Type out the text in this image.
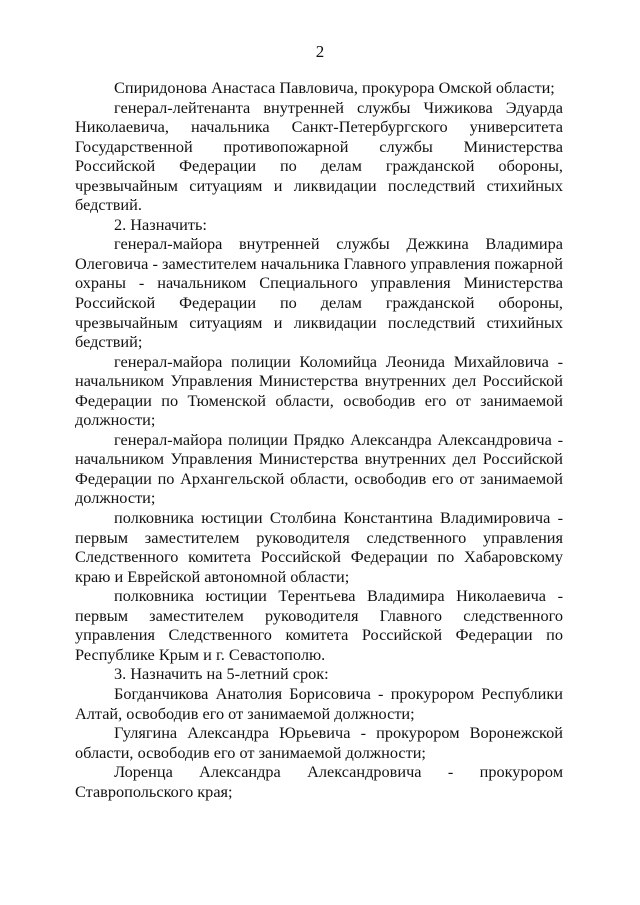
2

Спиридонова Анастаса Павловича, прокурора Омской области;

генерал-лейтенанта внутренней службы Чижикова Эдуарда Николаевича, начальника Санкт-Петербургского университета Государственной противопожарной службы Министерства Российской Федерации по делам гражданской обороны, чрезвычайным ситуациям и ликвидации последствий стихийных бедствий.

2. Назначить:

генерал-майора внутренней службы Дежкина Владимира Олеговича - заместителем начальника Главного управления пожарной охраны - начальником Специального управления Министерства Российской Федерации по делам гражданской обороны, чрезвычайным ситуациям и ликвидации последствий стихийных бедствий;

генерал-майора полиции Коломийца Леонида Михайловича - начальником Управления Министерства внутренних дел Российской Федерации по Тюменской области, освободив его от занимаемой должности;

генерал-майора полиции Прядко Александра Александровича - начальником Управления Министерства внутренних дел Российской Федерации по Архангельской области, освободив его от занимаемой должности;

полковника юстиции Столбина Константина Владимировича - первым заместителем руководителя следственного управления Следственного комитета Российской Федерации по Хабаровскому краю и Еврейской автономной области;

полковника юстиции Терентьева Владимира Николаевича - первым заместителем руководителя Главного следственного управления Следственного комитета Российской Федерации по Республике Крым и г. Севастополю.

3. Назначить на 5-летний срок:

Богданчикова Анатолия Борисовича - прокурором Республики Алтай, освободив его от занимаемой должности;

Гулягина Александра Юрьевича - прокурором Воронежской области, освободив его от занимаемой должности;

Лоренца Александра Александровича - прокурором Ставропольского края;
